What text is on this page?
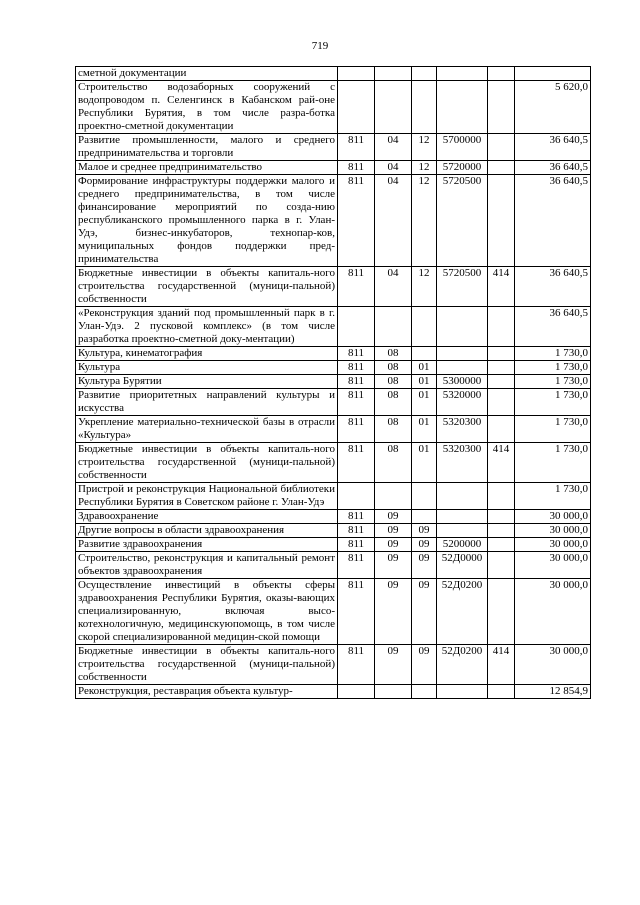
719
сметной документации						
Строительство водозаборных сооружений с водопроводом п. Селенгинск в Кабанском рай-оне Республики Бурятия, в том числе разра-ботка проектно-сметной документации						5 620,0
Развитие промышленности, малого и среднего предпринимательства и торговли	811	04	12	5700000		36 640,5
Малое и среднее предпринимательство	811	04	12	5720000		36 640,5
Формирование инфраструктуры поддержки малого и среднего предпринимательства, в том числе финансирование мероприятий по созда-нию республиканского промышленного парка в г. Улан-Удэ, бизнес-инкубаторов, технопар-ков, муниципальных фондов поддержки пред-принимательства	811	04	12	5720500		36 640,5
Бюджетные инвестиции в объекты капиталь-ного строительства государственной (муници-пальной) собственности	811	04	12	5720500	414	36 640,5
«Реконструкция зданий под промышленный парк в г. Улан-Удэ. 2 пусковой комплекс» (в том числе разработка проектно-сметной доку-ментации)						36 640,5
Культура, кинематография	811	08				1 730,0
Культура	811	08	01			1 730,0
Культура Бурятии	811	08	01	5300000		1 730,0
Развитие приоритетных направлений культуры и искусства	811	08	01	5320000		1 730,0
Укрепление материально-технической базы в отрасли «Культура»	811	08	01	5320300		1 730,0
Бюджетные инвестиции в объекты капиталь-ного строительства государственной (муници-пальной) собственности	811	08	01	5320300	414	1 730,0
Пристрой и реконструкция Национальной библиотеки Республики Бурятия в Советском районе г. Улан-Удэ						1 730,0
Здравоохранение	811	09				30 000,0
Другие вопросы в области здравоохранения	811	09	09			30 000,0
Развитие здравоохранения	811	09	09	5200000		30 000,0
Строительство, реконструкция и капитальный ремонт объектов здравоохранения	811	09	09	52Д0000		30 000,0
Осуществление инвестиций в объекты сферы здравоохранения Республики Бурятия, оказы-вающих специализированную, включая высо-котехнологичную, медицинскуюпомощь, в том числе скорой специализированной медицин-ской помощи	811	09	09	52Д0200		30 000,0
Бюджетные инвестиции в объекты капиталь-ного строительства государственной (муници-пальной) собственности	811	09	09	52Д0200	414	30 000,0
Реконструкция, реставрация объекта культур-						12 854,9
